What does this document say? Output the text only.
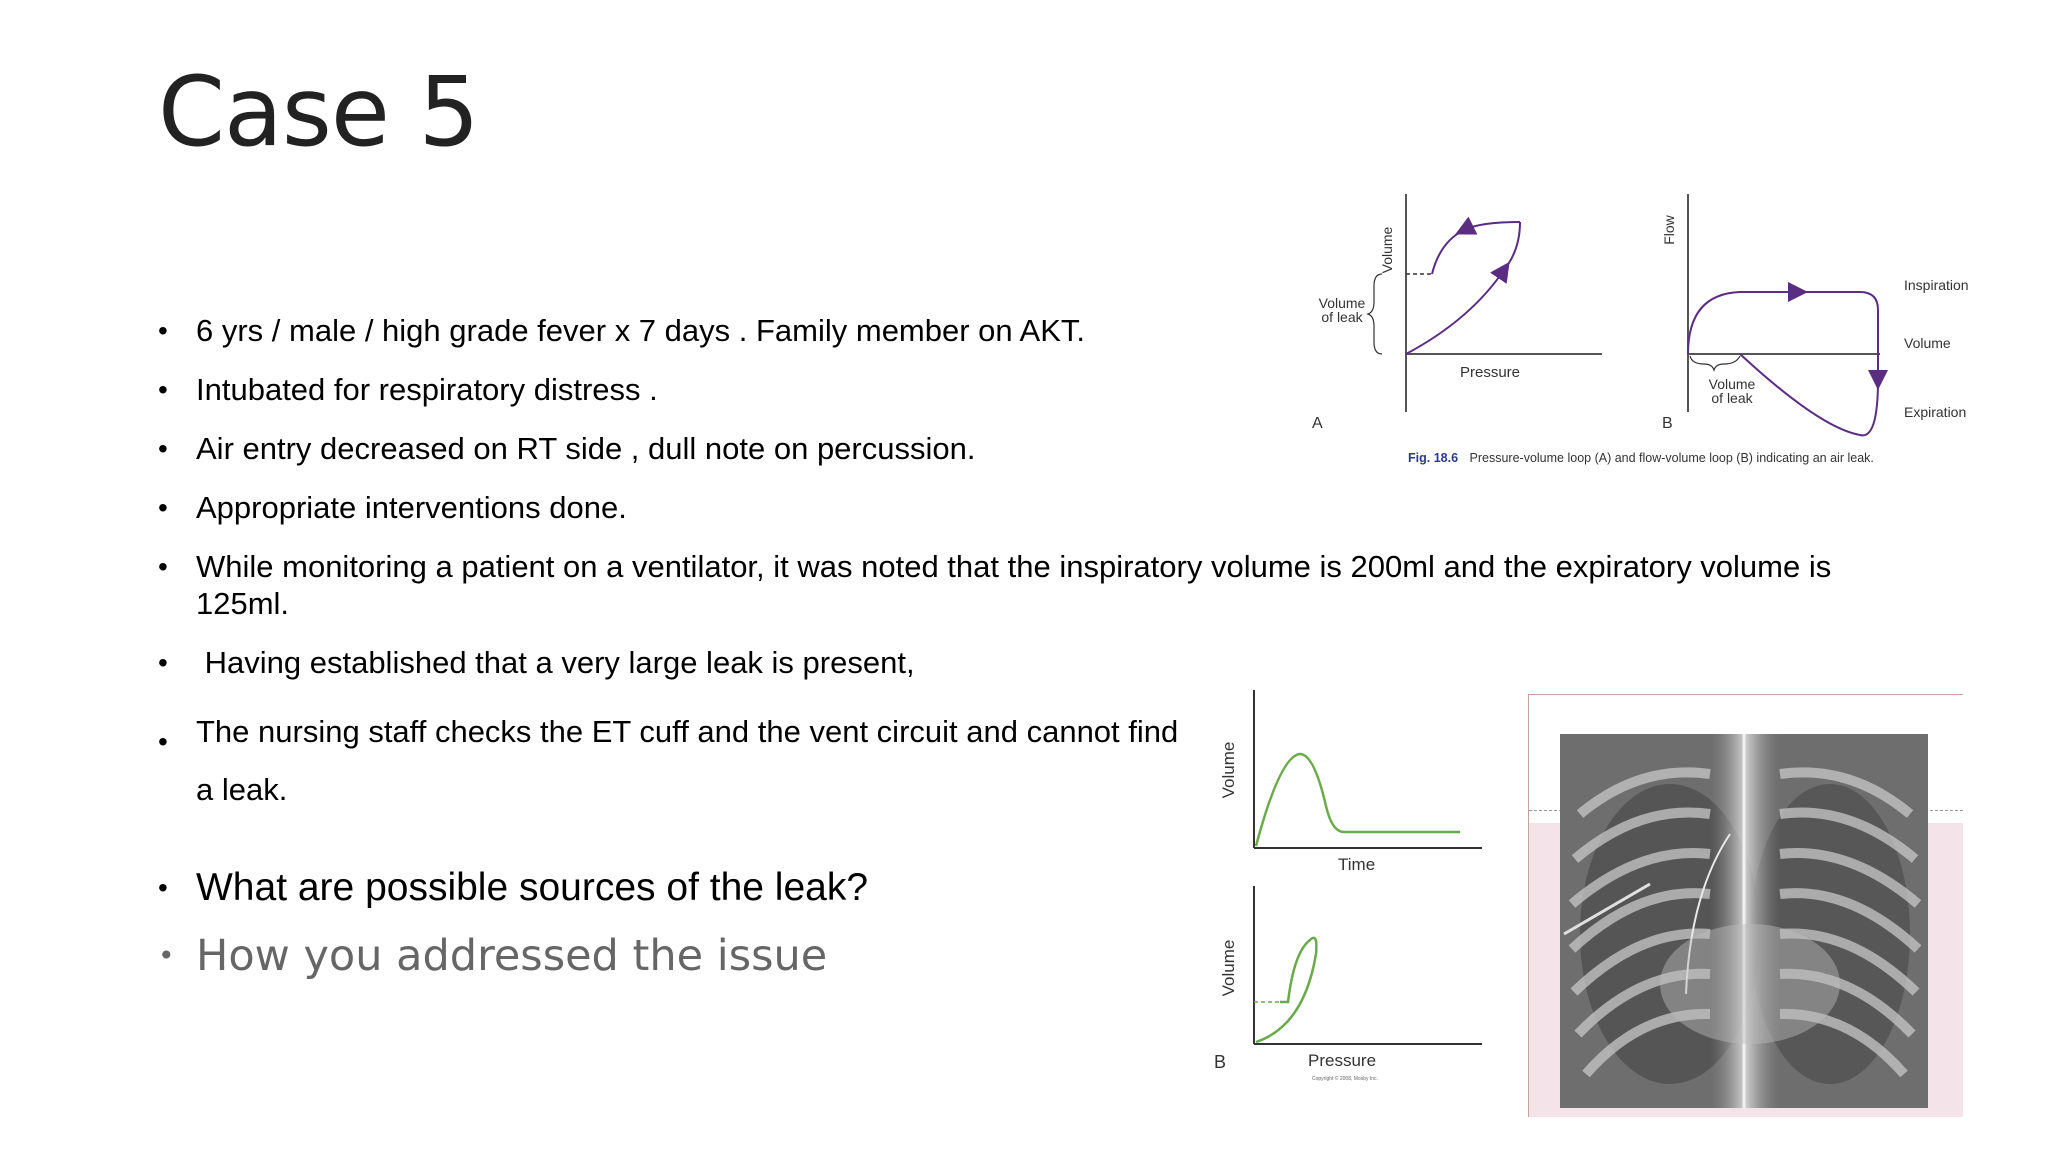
Case 5
• 6 yrs / male / high grade fever x 7 days . Family member on AKT.
• Intubated for respiratory distress .
• Air entry decreased on RT side , dull note on percussion.
• Appropriate interventions done.
• While monitoring a patient on a ventilator, it was noted that the inspiratory volume is 200ml and the expiratory volume is 125ml.
•  Having established that a very large leak is present,
• The nursing staff checks the ET cuff and the vent circuit and cannot find a leak.
• What are possible sources of the leak?
• How you addressed the issue
Volume
Pressure
Volume
of leak
A
Flow
Volume
of leak
Inspiration
Volume
Expiration
B
Fig. 18.6 Pressure-volume loop (A) and flow-volume loop (B) indicating an air leak.
Volume
Time
Volume
Pressure
B
Copyright © 2008, Mosby Inc.
